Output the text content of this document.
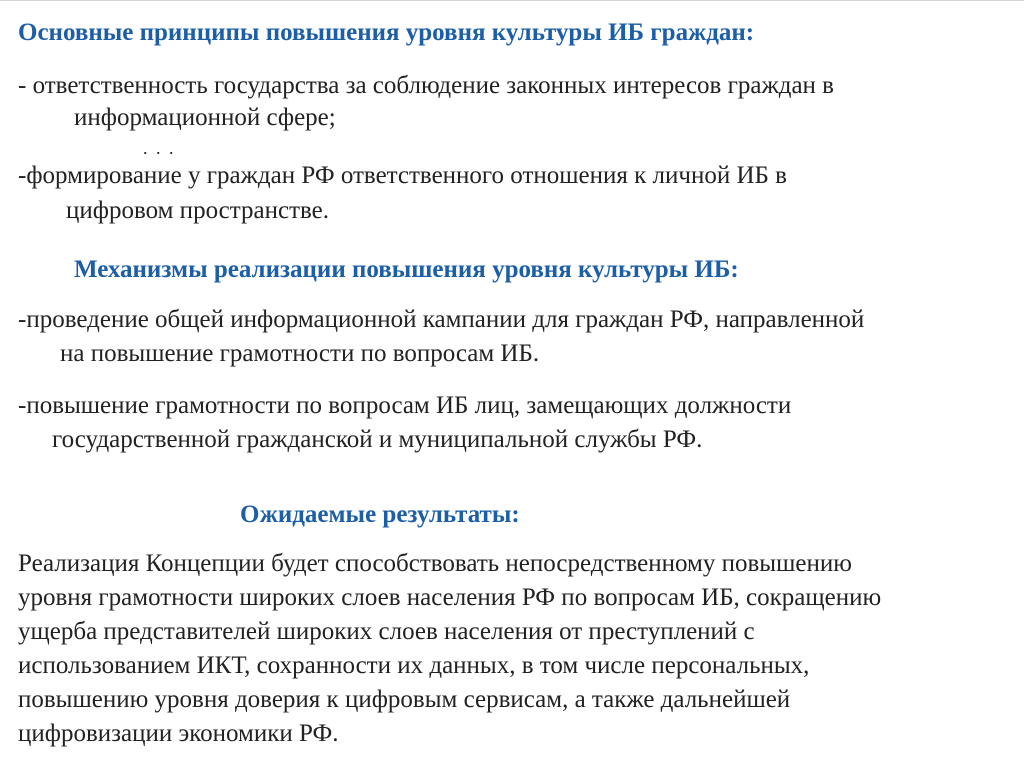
Основные принципы повышения уровня культуры ИБ граждан:
- ответственность государства за соблюдение законных интересов граждан в
информационной сфере;
. . .
-формирование у граждан РФ ответственного отношения к личной ИБ в
цифровом пространстве.
Механизмы реализации повышения уровня культуры ИБ:
-проведение общей информационной кампании для граждан РФ, направленной
на повышение грамотности по вопросам ИБ.
-повышение грамотности по вопросам ИБ лиц, замещающих должности
государственной гражданской и муниципальной службы РФ.
Ожидаемые результаты:
Реализация Концепции будет способствовать непосредственному повышению
уровня грамотности широких слоев населения РФ по вопросам ИБ, сокращению
ущерба представителей широких слоев населения от преступлений с
использованием ИКТ, сохранности их данных, в том числе персональных,
повышению уровня доверия к цифровым сервисам, а также дальнейшей
цифровизации экономики РФ.
